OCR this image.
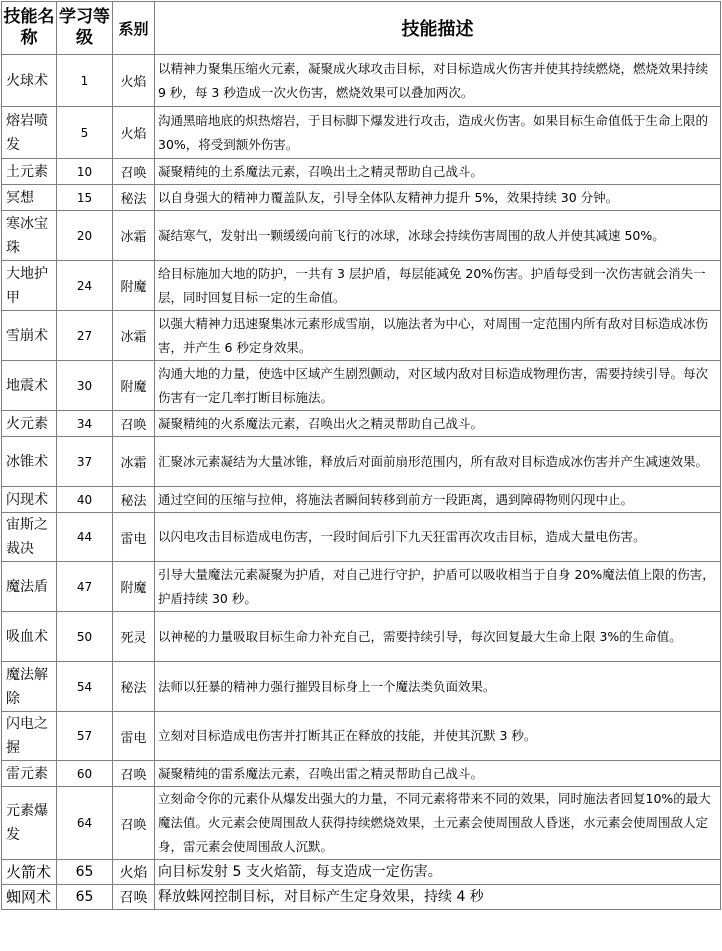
技能名称	学习等级	系别	技能描述
火球术	1	火焰	以精神力聚集压缩火元素，凝聚成火球攻击目标，对目标造成火伤害并使其持续燃烧，燃烧效果持续 9 秒，每 3 秒造成一次火伤害，燃烧效果可以叠加两次。
熔岩喷发	5	火焰	沟通黑暗地底的炽热熔岩，于目标脚下爆发进行攻击，造成火伤害。如果目标生命值低于生命上限的 30%，将受到额外伤害。
土元素	10	召唤	凝聚精纯的土系魔法元素，召唤出土之精灵帮助自己战斗。
冥想	15	秘法	以自身强大的精神力覆盖队友，引导全体队友精神力提升 5%，效果持续 30 分钟。
寒冰宝珠	20	冰霜	凝结寒气，发射出一颗缓缓向前飞行的冰球，冰球会持续伤害周围的敌人并使其减速 50%。
大地护甲	24	附魔	给目标施加大地的防护，一共有 3 层护盾，每层能减免 20%伤害。护盾每受到一次伤害就会消失一层，同时回复目标一定的生命值。
雪崩术	27	冰霜	以强大精神力迅速聚集冰元素形成雪崩，以施法者为中心，对周围一定范围内所有敌对目标造成冰伤害，并产生 6 秒定身效果。
地震术	30	附魔	沟通大地的力量，使选中区域产生剧烈颤动，对区域内敌对目标造成物理伤害，需要持续引导。每次伤害有一定几率打断目标施法。
火元素	34	召唤	凝聚精纯的火系魔法元素，召唤出火之精灵帮助自己战斗。
冰锥术	37	冰霜	汇聚冰元素凝结为大量冰锥，释放后对面前扇形范围内，所有敌对目标造成冰伤害并产生减速效果。
闪现术	40	秘法	通过空间的压缩与拉伸，将施法者瞬间转移到前方一段距离，遇到障碍物则闪现中止。
宙斯之裁决	44	雷电	以闪电攻击目标造成电伤害，一段时间后引下九天狂雷再次攻击目标，造成大量电伤害。
魔法盾	47	附魔	引导大量魔法元素凝聚为护盾，对自己进行守护，护盾可以吸收相当于自身 20%魔法值上限的伤害，护盾持续 30 秒。
吸血术	50	死灵	以神秘的力量吸取目标生命力补充自己，需要持续引导，每次回复最大生命上限 3%的生命值。
魔法解除	54	秘法	法师以狂暴的精神力强行摧毁目标身上一个魔法类负面效果。
闪电之握	57	雷电	立刻对目标造成电伤害并打断其正在释放的技能，并使其沉默 3 秒。
雷元素	60	召唤	凝聚精纯的雷系魔法元素，召唤出雷之精灵帮助自己战斗。
元素爆发	64	召唤	立刻命令你的元素仆从爆发出强大的力量，不同元素将带来不同的效果，同时施法者回复10%的最大魔法值。火元素会使周围敌人获得持续燃烧效果，土元素会使周围敌人昏迷，水元素会使周围敌人定身，雷元素会使周围敌人沉默。
火箭术	65	火焰	向目标发射 5 支火焰箭，每支造成一定伤害。
蜘网术	65	召唤	释放蛛网控制目标，对目标产生定身效果，持续 4 秒
